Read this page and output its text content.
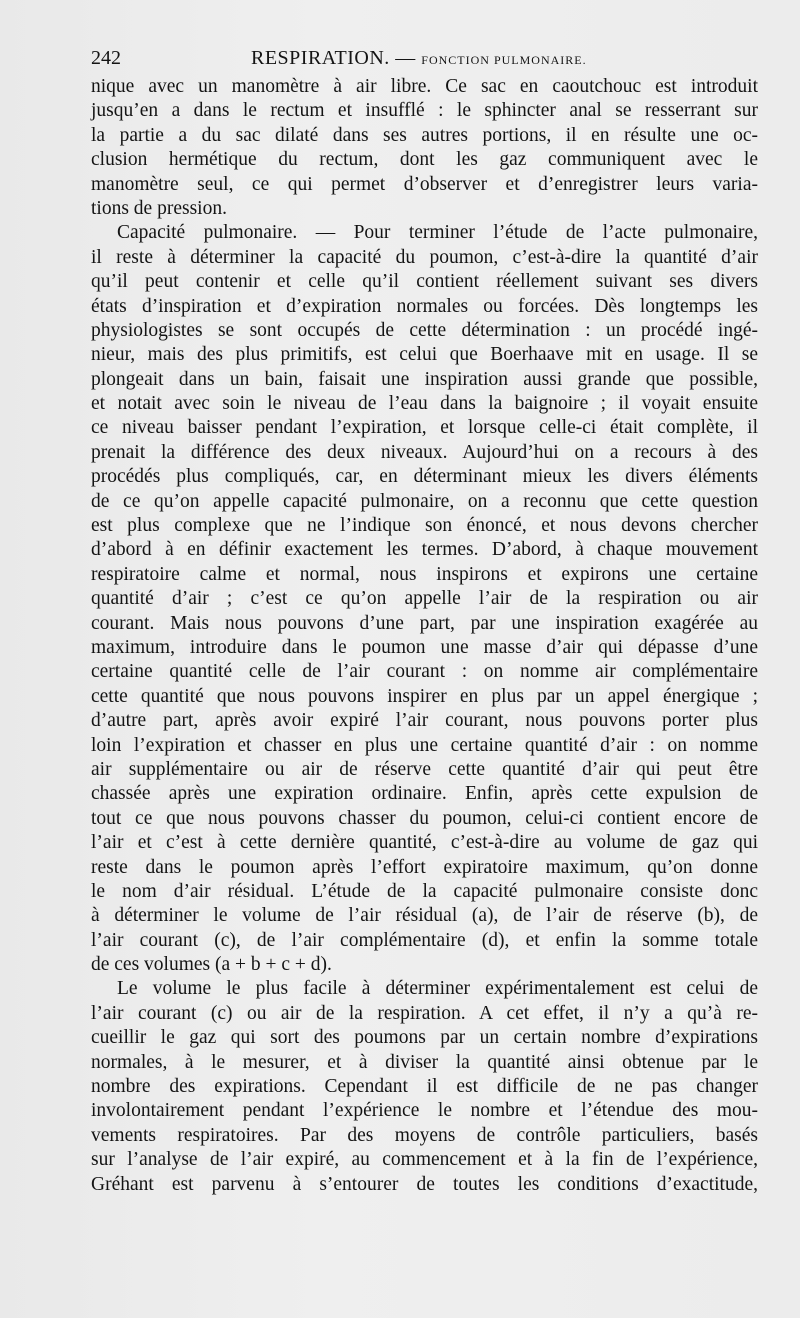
242	RESPIRATION. — FONCTION PULMONAIRE.
nique avec un manomètre à air libre. Ce sac en caoutchouc est introduit
jusqu’en a dans le rectum et insufflé : le sphincter anal se resserrant sur
la partie a du sac dilaté dans ses autres portions, il en résulte une oc-
clusion hermétique du rectum, dont les gaz communiquent avec le
manomètre seul, ce qui permet d’observer et d’enregistrer leurs varia-
tions de pression.
Capacité pulmonaire. — Pour terminer l’étude de l’acte pulmonaire,
il reste à déterminer la capacité du poumon, c’est-à-dire la quantité d’air
qu’il peut contenir et celle qu’il contient réellement suivant ses divers
états d’inspiration et d’expiration normales ou forcées. Dès longtemps les
physiologistes se sont occupés de cette détermination : un procédé ingé-
nieur, mais des plus primitifs, est celui que Boerhaave mit en usage. Il se
plongeait dans un bain, faisait une inspiration aussi grande que possible,
et notait avec soin le niveau de l’eau dans la baignoire ; il voyait ensuite
ce niveau baisser pendant l’expiration, et lorsque celle-ci était complète, il
prenait la différence des deux niveaux. Aujourd’hui on a recours à des
procédés plus compliqués, car, en déterminant mieux les divers éléments
de ce qu’on appelle capacité pulmonaire, on a reconnu que cette question
est plus complexe que ne l’indique son énoncé, et nous devons chercher
d’abord à en définir exactement les termes. D’abord, à chaque mouvement
respiratoire calme et normal, nous inspirons et expirons une certaine
quantité d’air ; c’est ce qu’on appelle l’air de la respiration ou air
courant. Mais nous pouvons d’une part, par une inspiration exagérée au
maximum, introduire dans le poumon une masse d’air qui dépasse d’une
certaine quantité celle de l’air courant : on nomme air complémentaire
cette quantité que nous pouvons inspirer en plus par un appel énergique ;
d’autre part, après avoir expiré l’air courant, nous pouvons porter plus
loin l’expiration et chasser en plus une certaine quantité d’air : on nomme
air supplémentaire ou air de réserve cette quantité d’air qui peut être
chassée après une expiration ordinaire. Enfin, après cette expulsion de
tout ce que nous pouvons chasser du poumon, celui-ci contient encore de
l’air et c’est à cette dernière quantité, c’est-à-dire au volume de gaz qui
reste dans le poumon après l’effort expiratoire maximum, qu’on donne
le nom d’air résidual. L’étude de la capacité pulmonaire consiste donc
à déterminer le volume de l’air résidual (a), de l’air de réserve (b), de
l’air courant (c), de l’air complémentaire (d), et enfin la somme totale
de ces volumes (a + b + c + d).
Le volume le plus facile à déterminer expérimentalement est celui de
l’air courant (c) ou air de la respiration. A cet effet, il n’y a qu’à re-
cueillir le gaz qui sort des poumons par un certain nombre d’expirations
normales, à le mesurer, et à diviser la quantité ainsi obtenue par le
nombre des expirations. Cependant il est difficile de ne pas changer
involontairement pendant l’expérience le nombre et l’étendue des mou-
vements respiratoires. Par des moyens de contrôle particuliers, basés
sur l’analyse de l’air expiré, au commencement et à la fin de l’expérience,
Gréhant est parvenu à s’entourer de toutes les conditions d’exactitude,
